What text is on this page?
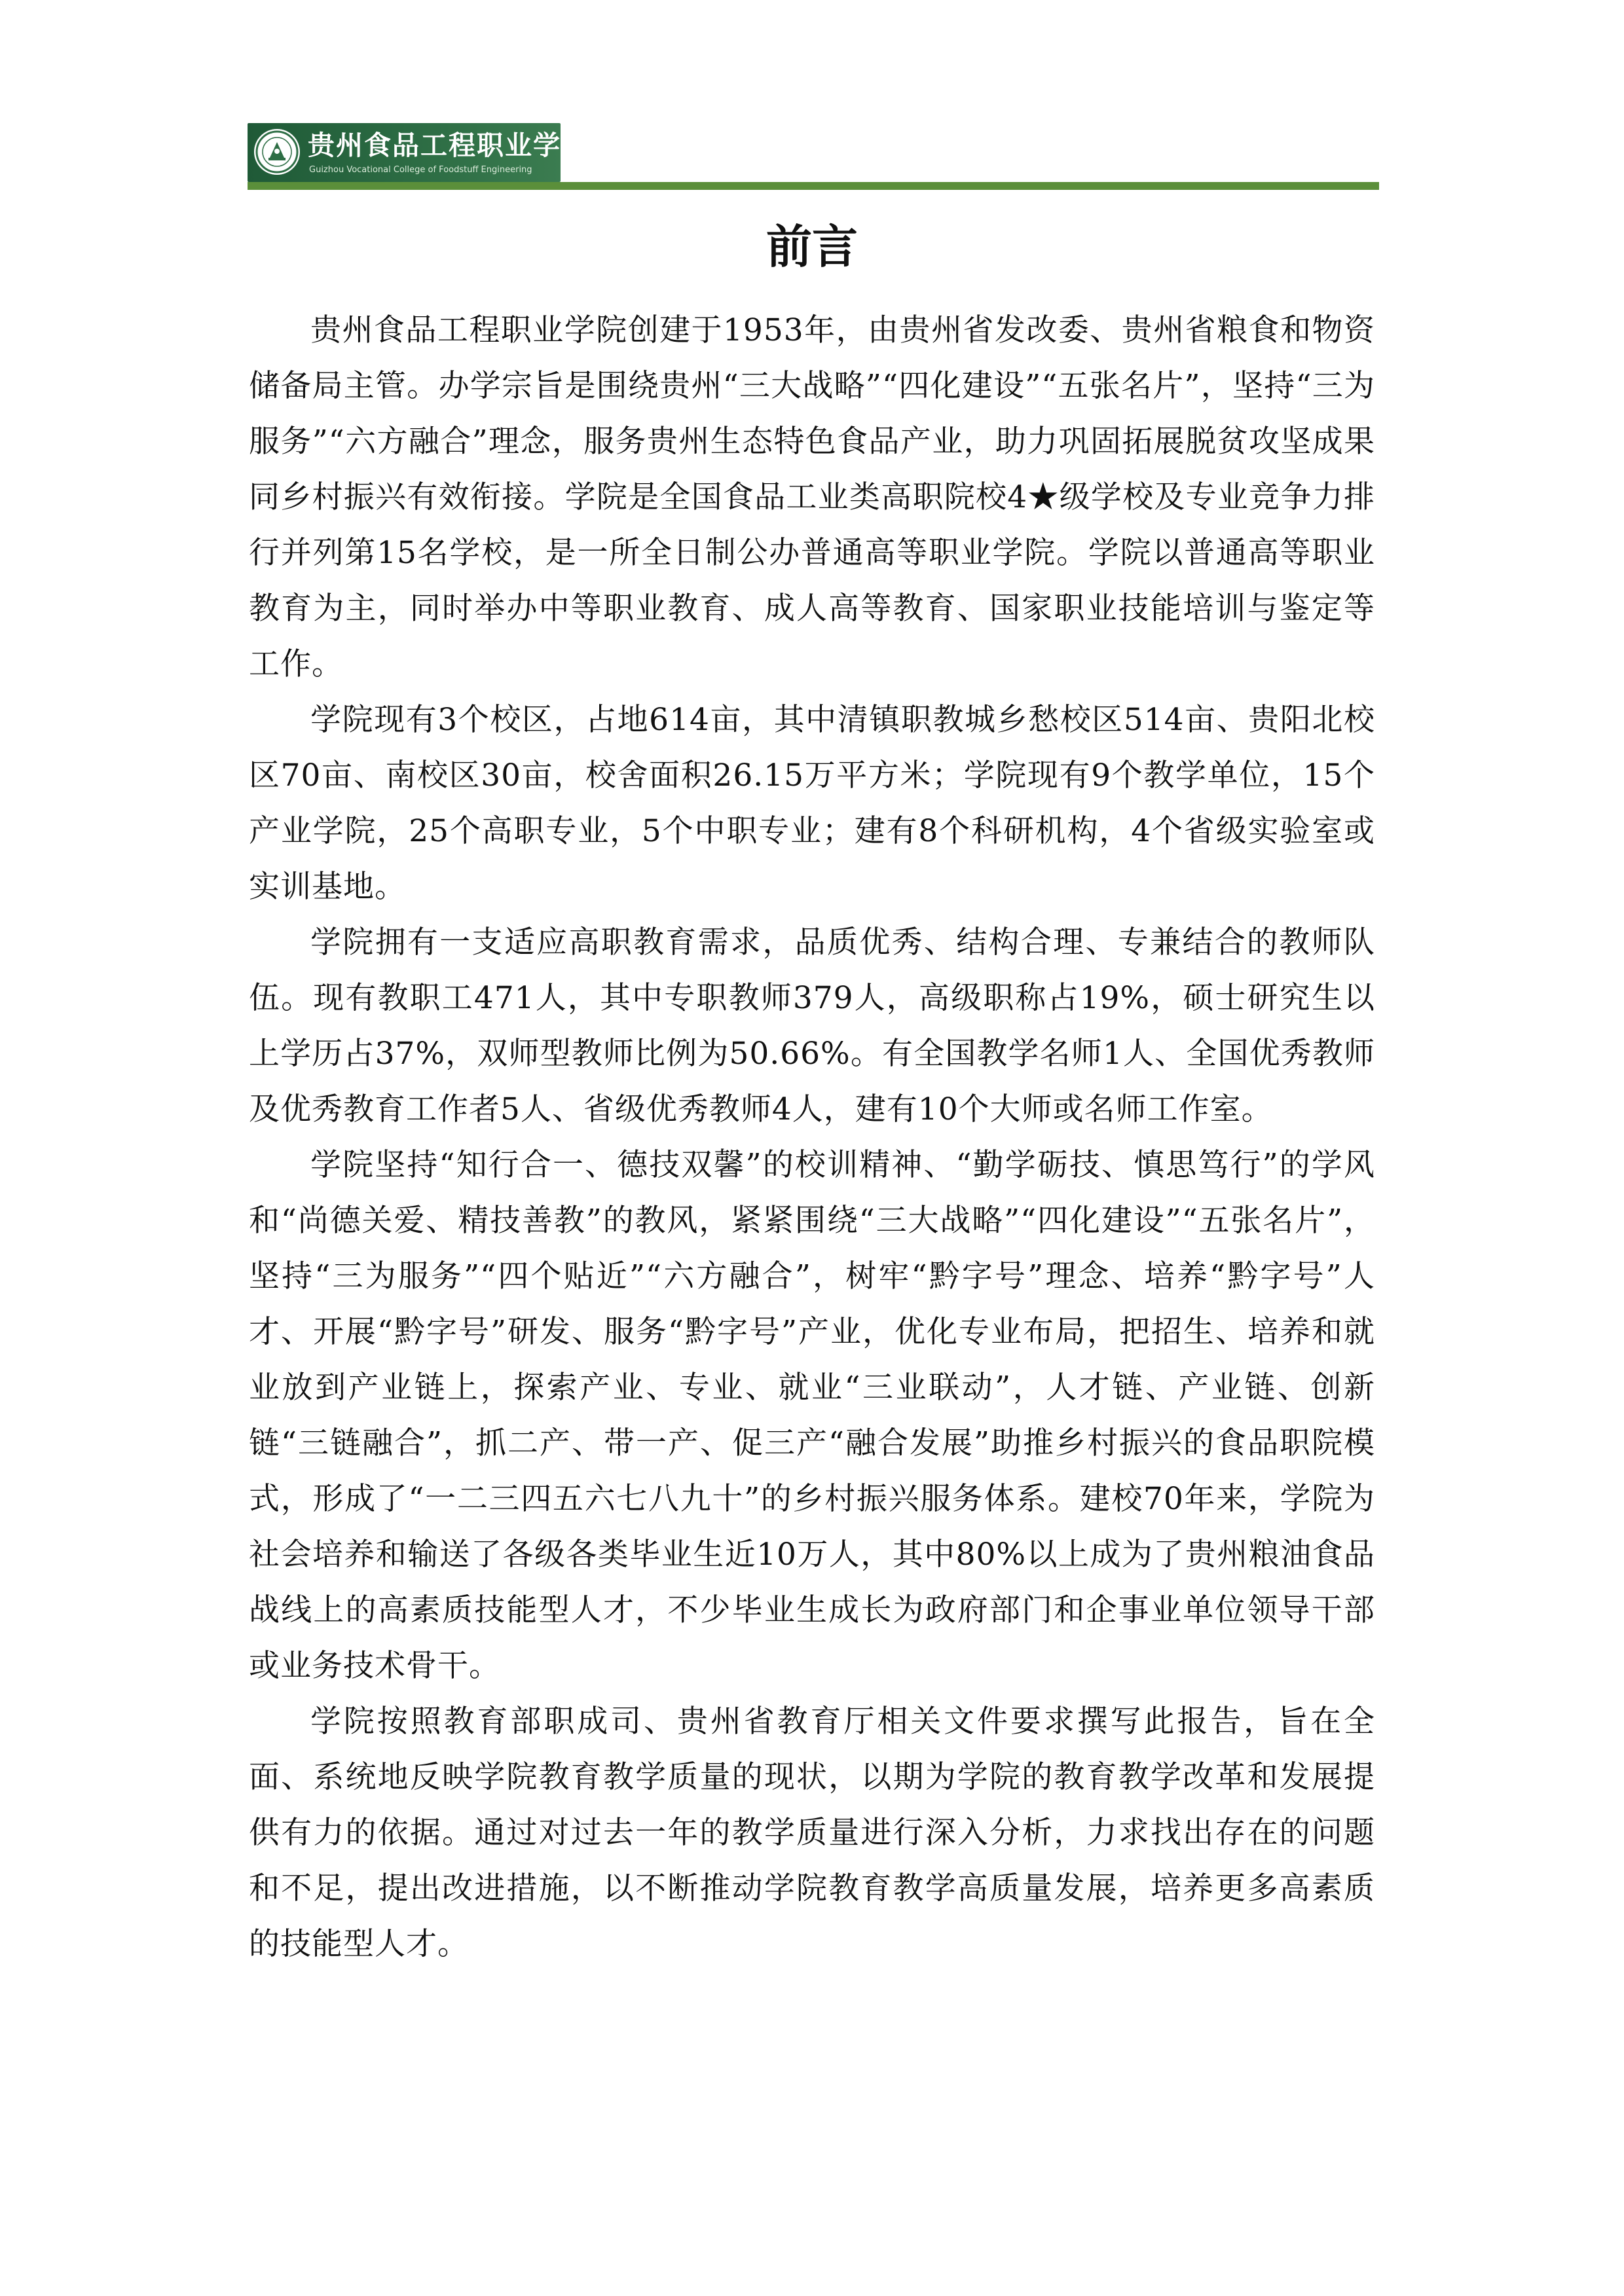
贵州食品工程职业学院
Guizhou Vocational College of Foodstuff Engineering
前言

贵州食品工程职业学院创建于1953年，由贵州省发改委、贵州省粮食和物资储备局主管。办学宗旨是围绕贵州“三大战略”“四化建设”“五张名片”，坚持“三为服务”“六方融合”理念，服务贵州生态特色食品产业，助力巩固拓展脱贫攻坚成果同乡村振兴有效衔接。学院是全国食品工业类高职院校4★级学校及专业竞争力排行并列第15名学校，是一所全日制公办普通高等职业学院。学院以普通高等职业教育为主，同时举办中等职业教育、成人高等教育、国家职业技能培训与鉴定等工作。

学院现有3个校区，占地614亩，其中清镇职教城乡愁校区514亩、贵阳北校区70亩、南校区30亩，校舍面积26.15万平方米；学院现有9个教学单位，15个产业学院，25个高职专业，5个中职专业；建有8个科研机构，4个省级实验室或实训基地。

学院拥有一支适应高职教育需求，品质优秀、结构合理、专兼结合的教师队伍。现有教职工471人，其中专职教师379人，高级职称占19%，硕士研究生以上学历占37%，双师型教师比例为50.66%。有全国教学名师1人、全国优秀教师及优秀教育工作者5人、省级优秀教师4人，建有10个大师或名师工作室。

学院坚持“知行合一、德技双馨”的校训精神、“勤学砺技、慎思笃行”的学风和“尚德关爱、精技善教”的教风，紧紧围绕“三大战略”“四化建设”“五张名片”，坚持“三为服务”“四个贴近”“六方融合”，树牢“黔字号”理念、培养“黔字号”人才、开展“黔字号”研发、服务“黔字号”产业，优化专业布局，把招生、培养和就业放到产业链上，探索产业、专业、就业“三业联动”，人才链、产业链、创新链“三链融合”，抓二产、带一产、促三产“融合发展”助推乡村振兴的食品职院模式，形成了“一二三四五六七八九十”的乡村振兴服务体系。建校70年来，学院为社会培养和输送了各级各类毕业生近10万人，其中80%以上成为了贵州粮油食品战线上的高素质技能型人才，不少毕业生成长为政府部门和企事业单位领导干部或业务技术骨干。

学院按照教育部职成司、贵州省教育厅相关文件要求撰写此报告，旨在全面、系统地反映学院教育教学质量的现状，以期为学院的教育教学改革和发展提供有力的依据。通过对过去一年的教学质量进行深入分析，力求找出存在的问题和不足，提出改进措施，以不断推动学院教育教学高质量发展，培养更多高素质的技能型人才。
